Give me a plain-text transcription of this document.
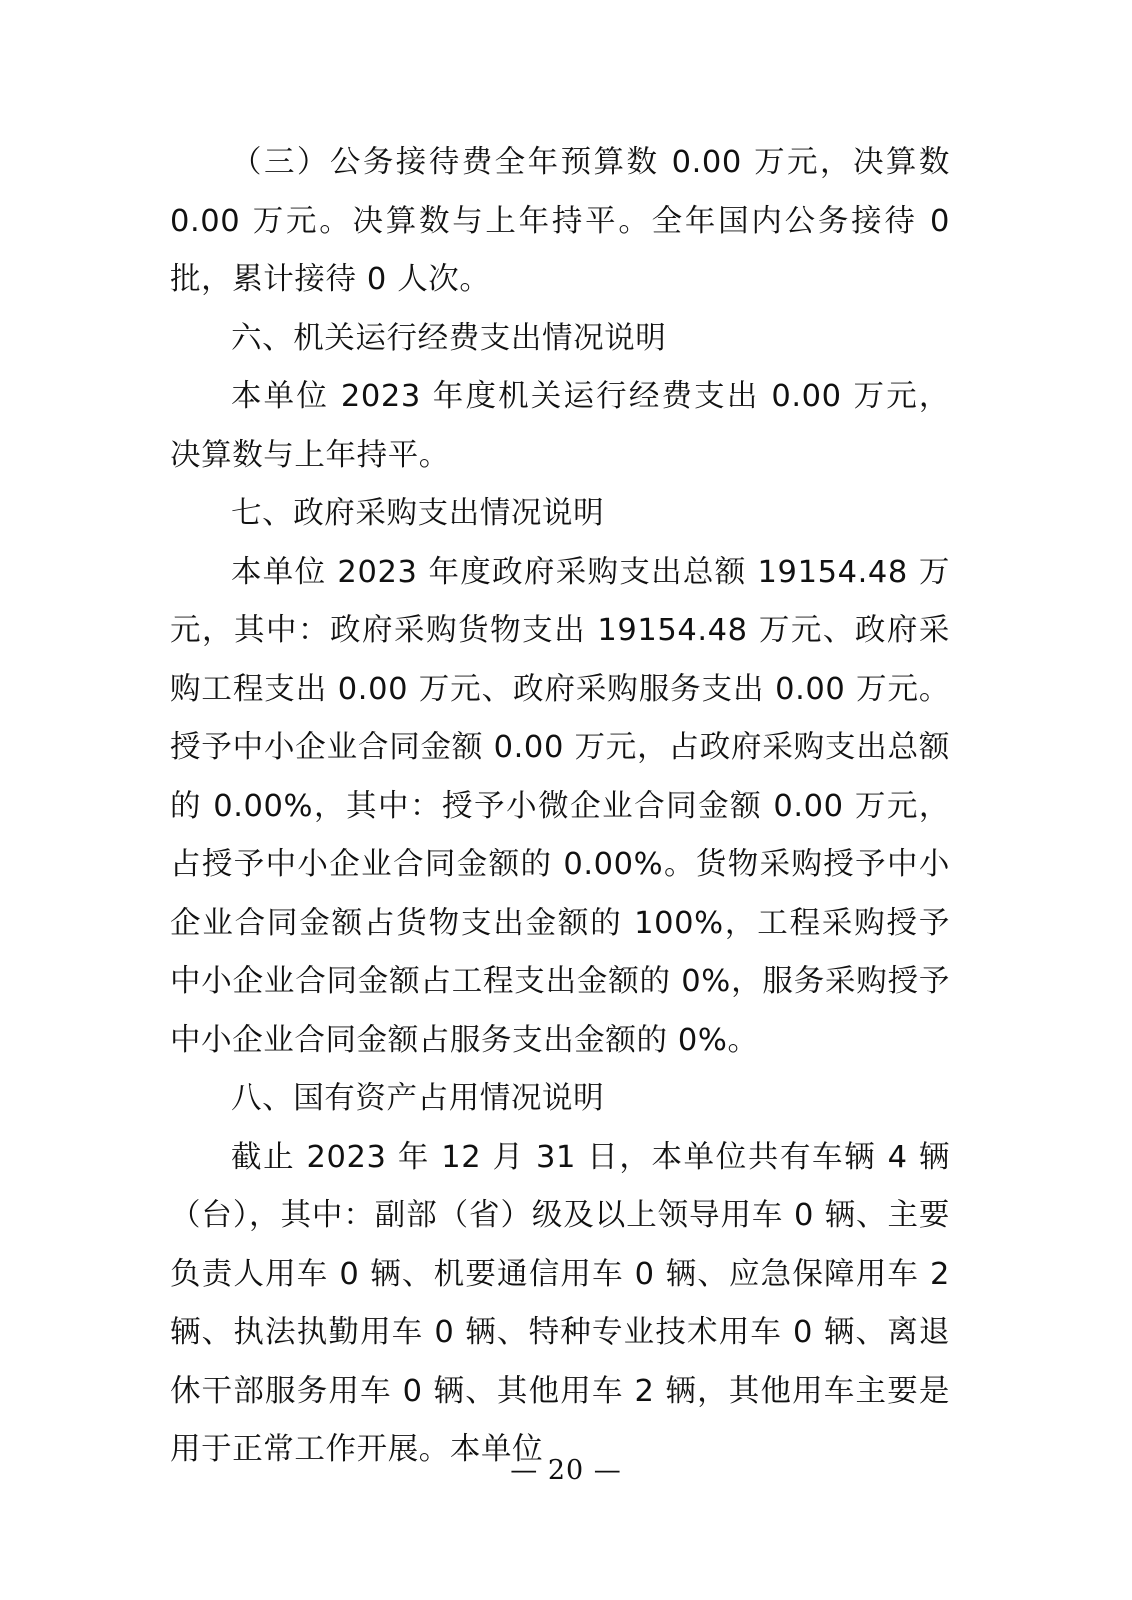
（三）公务接待费全年预算数 0.00 万元，决算数 0.00 万元。决算数与上年持平。全年国内公务接待 0 批，累计接待 0 人次。

六、机关运行经费支出情况说明

本单位 2023 年度机关运行经费支出 0.00 万元，决算数与上年持平。

七、政府采购支出情况说明

本单位 2023 年度政府采购支出总额 19154.48 万元，其中：政府采购货物支出 19154.48 万元、政府采购工程支出 0.00 万元、政府采购服务支出 0.00 万元。授予中小企业合同金额 0.00 万元，占政府采购支出总额的 0.00%，其中：授予小微企业合同金额 0.00 万元，占授予中小企业合同金额的 0.00%。货物采购授予中小企业合同金额占货物支出金额的 100%，工程采购授予中小企业合同金额占工程支出金额的 0%，服务采购授予中小企业合同金额占服务支出金额的 0%。

八、国有资产占用情况说明

截止 2023 年 12 月 31 日，本单位共有车辆 4 辆（台），其中：副部（省）级及以上领导用车 0 辆、主要负责人用车 0 辆、机要通信用车 0 辆、应急保障用车 2 辆、执法执勤用车 0 辆、特种专业技术用车 0 辆、离退休干部服务用车 0 辆、其他用车 2 辆，其他用车主要是用于正常工作开展。本单位

— 20 —
